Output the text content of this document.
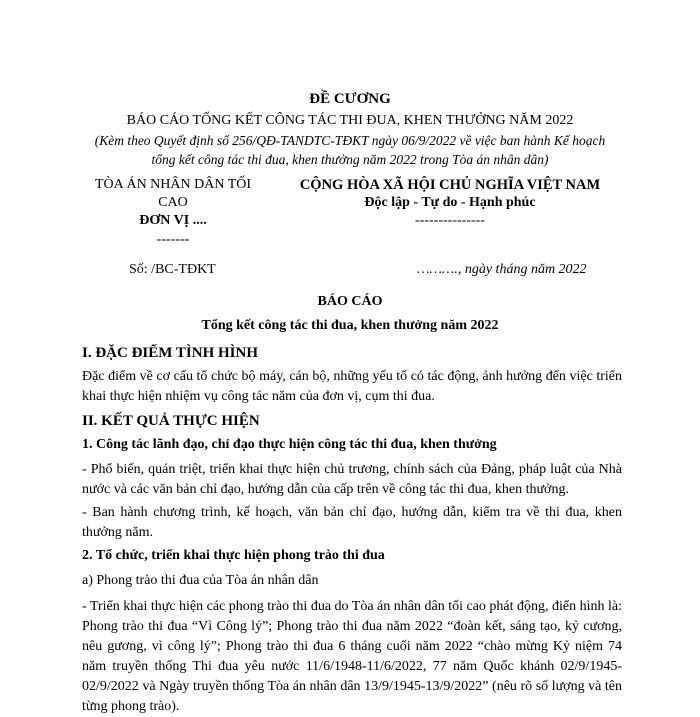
ĐỀ CƯƠNG
BÁO CÁO TỔNG KẾT CÔNG TÁC THI ĐUA, KHEN THƯỞNG NĂM 2022
(Kèm theo Quyết định số 256/QĐ-TANDTC-TĐKT ngày 06/9/2022 về việc ban hành Kế hoạch
tổng kết công tác thi đua, khen thưởng năm 2022 trong Tòa án nhân dân)
TÒA ÁN NHÂN DÂN TỐI
CAO
ĐƠN VỊ ....
-------
CỘNG HÒA XÃ HỘI CHỦ NGHĨA VIỆT NAM
Độc lập - Tự do - Hạnh phúc
---------------
Số: /BC-TĐKT	………., ngày tháng năm 2022
BÁO CÁO
Tổng kết công tác thi đua, khen thưởng năm 2022
I. ĐẶC ĐIỂM TÌNH HÌNH
Đặc điểm về cơ cấu tổ chức bộ máy, cán bộ, những yếu tố có tác động, ảnh hưởng đến việc triển khai thực hiện nhiệm vụ công tác năm của đơn vị, cụm thi đua.
II. KẾT QUẢ THỰC HIỆN
1. Công tác lãnh đạo, chỉ đạo thực hiện công tác thi đua, khen thưởng
- Phổ biến, quán triệt, triển khai thực hiện chủ trương, chính sách của Đảng, pháp luật của Nhà nước và các văn bản chỉ đạo, hướng dẫn của cấp trên về công tác thi đua, khen thưởng.
- Ban hành chương trình, kế hoạch, văn bản chỉ đạo, hướng dẫn, kiểm tra về thi đua, khen thưởng năm.
2. Tổ chức, triển khai thực hiện phong trào thi đua
a) Phong trào thi đua của Tòa án nhân dân
- Triển khai thực hiện các phong trào thi đua do Tòa án nhân dân tối cao phát động, điển hình là: Phong trào thi đua “Vì Công lý”; Phong trào thi đua năm 2022 “đoàn kết, sáng tạo, kỷ cương, nêu gương, vì công lý”; Phong trào thi đua 6 tháng cuối năm 2022 “chào mừng Kỷ niệm 74 năm truyền thống Thi đua yêu nước 11/6/1948-11/6/2022, 77 năm Quốc khánh 02/9/1945-02/9/2022 và Ngày truyền thống Tòa án nhân dân 13/9/1945-13/9/2022” (nêu rõ số lượng và tên từng phong trào).
